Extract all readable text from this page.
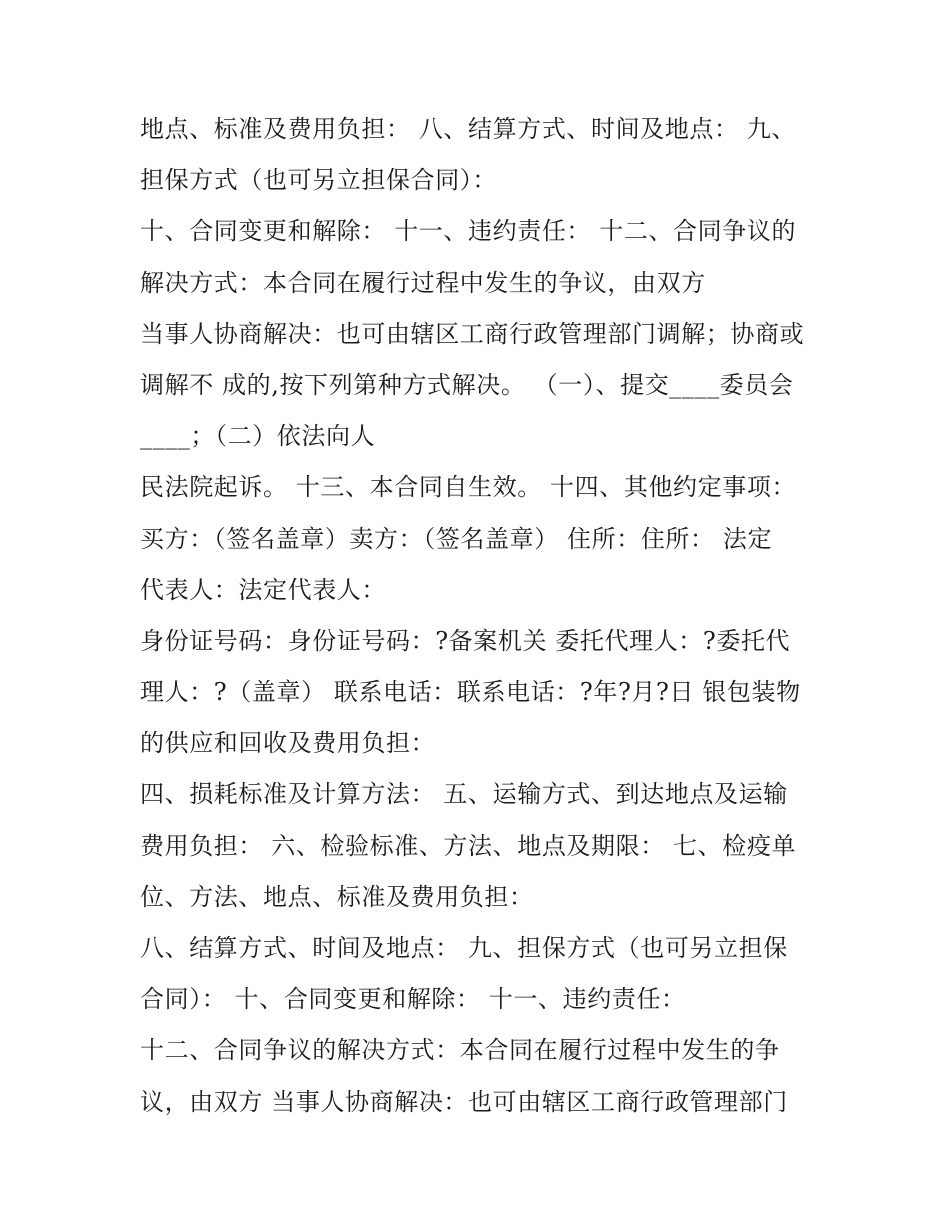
地点、标准及费用负担： 八、结算方式、时间及地点： 九、
担保方式（也可另立担保合同）：
十、合同变更和解除： 十一、违约责任： 十二、合同争议的
解决方式：本合同在履行过程中发生的争议，由双方
当事人协商解决：也可由辖区工商行政管理部门调解；协商或
调解不 成的,按下列第种方式解决。 （一）、提交____委员会
____；（二）依法向人
民法院起诉。 十三、本合同自生效。 十四、其他约定事项：
买方：（签名盖章）卖方：（签名盖章） 住所：住所： 法定
代表人：法定代表人：
身份证号码：身份证号码：?备案机关 委托代理人：?委托代
理人：?（盖章） 联系电话：联系电话：?年?月?日 银包装物
的供应和回收及费用负担：
四、损耗标准及计算方法： 五、运输方式、到达地点及运输
费用负担： 六、检验标准、方法、地点及期限： 七、检疫单
位、方法、地点、标准及费用负担：
八、结算方式、时间及地点： 九、担保方式（也可另立担保
合同）： 十、合同变更和解除： 十一、违约责任：
十二、合同争议的解决方式：本合同在履行过程中发生的争
议，由双方 当事人协商解决：也可由辖区工商行政管理部门
